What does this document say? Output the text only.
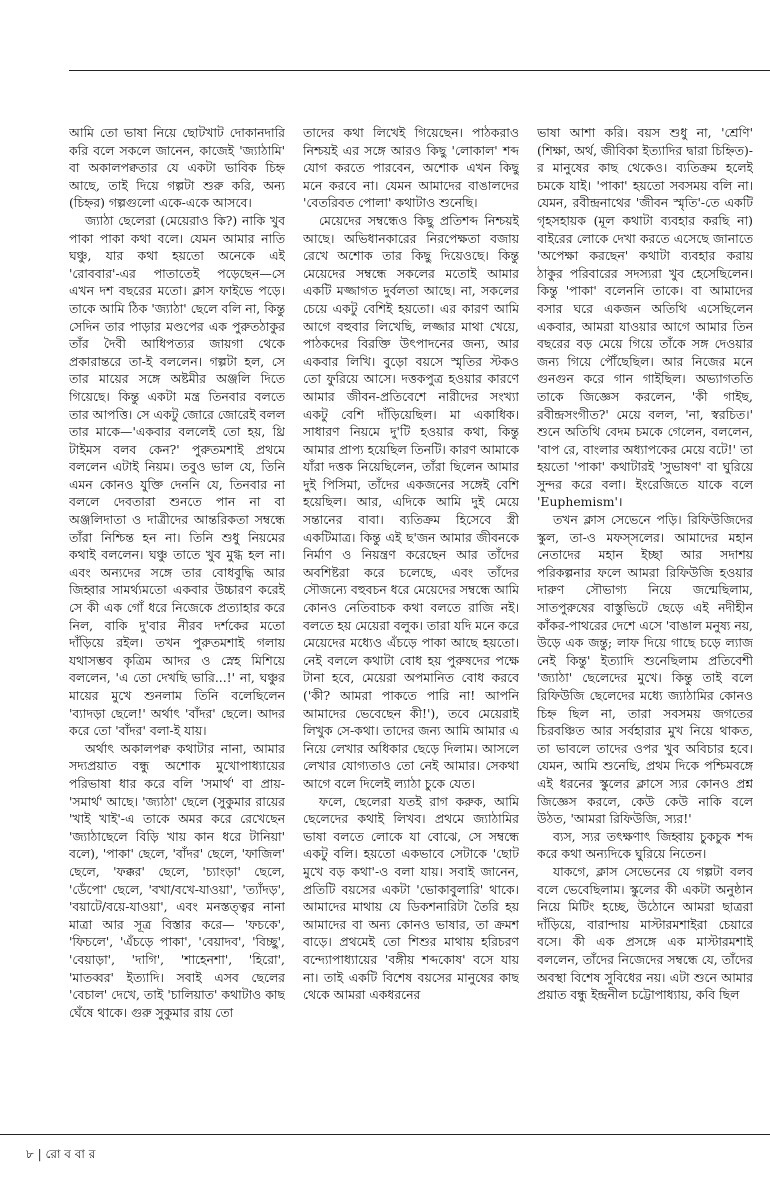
আমি তো ভাষা নিয়ে ছোটখাট দোকানদারি করি বলে সকলে জানেন, কাজেই 'জ্যাঠামি' বা অকালপক্বতার যে একটা ভাবিক চিহ্ন আছে, তাই দিয়ে গল্পটা শুরু করি, অন্য (চিহ্নর) গল্পগুলো একে-একে আসবে।

জ্যাঠা ছেলেরা (মেয়েরাও কি?) নাকি খুব পাকা পাকা কথা বলে। যেমন আমার নাতি ঘঞ্চু, যার কথা হয়তো অনেকে এই 'রোববার'-এর পাতাতেই পড়েছেন—সে এখন দশ বছরের মতো। ক্লাস ফাইভে পড়ে। তাকে আমি ঠিক 'জ্যাঠা' ছেলে বলি না, কিন্তু সেদিন তার পাড়ার মণ্ডপের এক পুরুতঠাকুর তাঁর দৈবী আধিপত্যর জায়গা থেকে প্রকারান্তরে তা-ই বললেন। গল্পটা হল, সে তার মায়ের সঙ্গে অষ্টমীর অঞ্জলি দিতে গিয়েছে। কিন্তু একটা মন্ত্র তিনবার বলতে তার আপত্তি। সে একটু জোরে জোরেই বলল তার মাকে—'একবার বললেই তো হয়, থ্রি টাইমস বলব কেন?' পুরুতমশাই প্রথমে বললেন এটাই নিয়ম। তবুও ভাল যে, তিনি এমন কোনও যুক্তি দেননি যে, তিনবার না বললে দেবতারা শুনতে পান না বা অঞ্জলিদাতা ও দাত্রীদের আন্তরিকতা সম্বন্ধে তাঁরা নিশ্চিন্ত হন না। তিনি শুধু নিয়মের কথাই বললেন। ঘঞ্চু তাতে খুব মুগ্ধ হল না। এবং অন্যদের সঙ্গে তার বোধবুদ্ধি আর জিহ্বার সামর্থ্যমতো একবার উচ্চারণ করেই সে কী এক গোঁ ধরে নিজেকে প্রত্যাহার করে নিল, বাকি দু'বার নীরব দর্শকের মতো দাঁড়িয়ে রইল। তখন পুরুতমশাই গলায় যথাসম্ভব কৃত্রিম আদর ও স্নেহ মিশিয়ে বললেন, 'এ তো দেখছি ভারি...!' না, ঘঞ্চুর মায়ের মুখে শুনলাম তিনি বলেছিলেন 'ব্যাদড়া ছেলে!' অর্থাৎ 'বাঁদর' ছেলে। আদর করে তো 'বাঁদর' বলা-ই যায়।

অর্থাৎ অকালপক্ব কথাটার নানা, আমার সদ্যপ্রয়াত বন্ধু অশোক মুখোপাধ্যায়ের পরিভাষা ধার করে বলি 'সমার্থ' বা প্রায়-'সমার্থ' আছে। 'জ্যাঠা' ছেলে (সুকুমার রায়ের 'খাই খাই'-এ তাকে অমর করে রেখেছেন 'জ্যাঠাছেলে বিড়ি খায় কান ধরে টানিয়া' বলে), 'পাকা' ছেলে, 'বাঁদর' ছেলে, 'ফাজিল' ছেলে, 'ফক্কর' ছেলে, 'চ্যাংড়া' ছেলে, 'ডেঁপো' ছেলে, 'বখা/বখে-যাওয়া', 'ত্যাঁদড়', 'বয়াটে/বয়ে-যাওয়া', এবং মনস্তত্ত্বর নানা মাত্রা আর সূত্র বিস্তার করে— 'ফচকে', 'ফিচলে', 'এঁচড়ে পাকা', 'বেয়াদব', 'বিচ্ছু', 'বেয়াড়া', 'দাগি', 'শাহেনশা', 'হিরো', 'মাতব্বর' ইত্যাদি। সবাই এসব ছেলের 'বেচাল' দেখে, তাই 'চালিয়াত' কথাটাও কাছ ঘেঁষে থাকে। গুরু সুকুমার রায় তো

তাদের কথা লিখেই গিয়েছেন। পাঠকরাও নিশ্চয়ই এর সঙ্গে আরও কিছু 'লোকাল' শব্দ যোগ করতে পারবেন, অশোক এখন কিছু মনে করবে না। যেমন আমাদের বাঙালদের 'বেতরিবত পোলা' কথাটাও শুনেছি।

মেয়েদের সম্বন্ধেও কিছু প্রতিশব্দ নিশ্চয়ই আছে। অভিধানকারের নিরপেক্ষতা বজায় রেখে অশোক তার কিছু দিয়েওছে। কিন্তু মেয়েদের সম্বন্ধে সকলের মতোই আমার একটি মজ্জাগত দুর্বলতা আছে। না, সকলের চেয়ে একটু বেশিই হয়তো। এর কারণ আমি আগে বহুবার লিখেছি, লজ্জার মাথা খেয়ে, পাঠকদের বিরক্তি উৎপাদনের জন্য, আর একবার লিখি। বুড়ো বয়সে স্মৃতির স্টকও তো ফুরিয়ে আসে। দত্তকপুত্র হওয়ার কারণে আমার জীবন-প্রতিবেশে নারীদের সংখ্যা একটু বেশি দাঁড়িয়েছিল। মা একাধিক। সাধারণ নিয়মে দু'টি হওয়ার কথা, কিন্তু আমার প্রাপ্য হয়েছিল তিনটি। কারণ আমাকে যাঁরা দত্তক নিয়েছিলেন, তাঁরা ছিলেন আমার দুই পিসিমা, তাঁদের একজনের সঙ্গেই বেশি হয়েছিল। আর, এদিকে আমি দুই মেয়ে সন্তানের বাবা। ব্যতিক্রম হিসেবে স্ত্রী একটিমাত্র। কিন্তু এই ছ'জন আমার জীবনকে নির্মাণ ও নিয়ন্ত্রণ করেছেন আর তাঁদের অবশিষ্টরা করে চলেছে, এবং তাঁদের সৌজন্যে বহুবচন ধরে মেয়েদের সম্বন্ধে আমি কোনও নেতিবাচক কথা বলতে রাজি নই। বলতে হয় মেয়েরা বলুক। তারা যদি মনে করে মেয়েদের মধ্যেও এঁচড়ে পাকা আছে হয়তো। নেই বললে কথাটা বোধ হয় পুরুষদের পক্ষে টানা হবে, মেয়েরা অপমানিত বোধ করবে ('কী? আমরা পাকতে পারি না! আপনি আমাদের ভেবেছেন কী!'), তবে মেয়েরাই লিখুক সে-কথা। তাদের জন্য আমি আমার এ নিয়ে লেখার অধিকার ছেড়ে দিলাম। আসলে লেখার যোগ্যতাও তো নেই আমার। সেকথা আগে বলে দিলেই ল্যাঠা চুকে যেত।

ফলে, ছেলেরা যতই রাগ করুক, আমি ছেলেদের কথাই লিখব। প্রথমে জ্যাঠামির ভাষা বলতে লোকে যা বোঝে, সে সম্বন্ধে একটু বলি। হয়তো একভাবে সেটাকে 'ছোট মুখে বড় কথা'-ও বলা যায়। সবাই জানেন, প্রতিটি বয়সের একটা 'ভোকাবুলারি' থাকে। আমাদের মাথায় যে ডিকশনারিটা তৈরি হয় আমাদের বা অন্য কোনও ভাষার, তা ক্রমশ বাড়ে। প্রথমেই তো শিশুর মাথায় হরিচরণ বন্দ্যোপাধ্যায়ের 'বঙ্গীয় শব্দকোষ' বসে যায় না। তাই একটি বিশেষ বয়সের মানুষের কাছ থেকে আমরা একধরনের

ভাষা আশা করি। বয়স শুধু না, 'শ্রেণি' (শিক্ষা, অর্থ, জীবিকা ইত্যাদির দ্বারা চিহ্নিত)-র মানুষের কাছ থেকেও। ব্যতিক্রম হলেই চমকে যাই। 'পাকা' হয়তো সবসময় বলি না। যেমন, রবীন্দ্রনাথের 'জীবন স্মৃতি'-তে একটি গৃহসহায়ক (মূল কথাটা ব্যবহার করছি না) বাইরের লোকে দেখা করতে এসেছে জানাতে 'অপেক্ষা করছেন' কথাটা ব্যবহার করায় ঠাকুর পরিবারের সদস্যরা খুব হেসেছিলেন। কিন্তু 'পাকা' বলেননি তাকে। বা আমাদের বসার ঘরে একজন অতিথি এসেছিলেন একবার, আমরা যাওয়ার আগে আমার তিন বছরের বড় মেয়ে গিয়ে তাঁকে সঙ্গ দেওয়ার জন্য গিয়ে পৌঁছেছিল। আর নিজের মনে গুনগুন করে গান গাইছিল। অভ্যাগততি তাকে জিজ্ঞেস করলেন, 'কী গাইছ, রবীন্দ্রসংগীত?' মেয়ে বলল, 'না, স্বরচিত।' শুনে অতিথি বেদম চমকে গেলেন, বললেন, 'বাপ রে, বাংলার অধ্যাপকের মেয়ে বটে!' তা হয়তো 'পাকা' কথাটারই 'সুভাষণ' বা ঘুরিয়ে সুন্দর করে বলা। ইংরেজিতে যাকে বলে 'Euphemism'।

তখন ক্লাস সেভেনে পড়ি। রিফিউজিদের স্কুল, তা-ও মফস্সলের। আমাদের মহান নেতাদের মহান ইচ্ছা আর সদাশয় পরিকল্পনার ফলে আমরা রিফিউজি হওয়ার দারুণ সৌভাগ্য নিয়ে জন্মেছিলাম, সাতপুরুষের বাস্তুভিটে ছেড়ে এই নদীহীন কাঁকর-পাথরের দেশে এসে 'বাঙাল মনুষ্য নয়, উড়ে এক জন্তু; লাফ দিয়ে গাছে চড়ে ল্যাজ নেই কিন্তু' ইত্যাদি শুনেছিলাম প্রতিবেশী 'জ্যাঠা' ছেলেদের মুখে। কিন্তু তাই বলে রিফিউজি ছেলেদের মধ্যে জ্যাঠামির কোনও চিহ্ন ছিল না, তারা সবসময় জগতের চিরবঞ্চিত আর সর্বহারার মুখ নিয়ে থাকত, তা ভাবলে তাদের ওপর খুব অবিচার হবে। যেমন, আমি শুনেছি, প্রথম দিকে পশ্চিমবঙ্গে এই ধরনের স্কুলের ক্লাসে স্যর কোনও প্রশ্ন জিজ্ঞেস করলে, কেউ কেউ নাকি বলে উঠত, 'আমরা রিফিউজি, স্যর!'

ব্যস, স্যর তৎক্ষণাৎ জিহ্বায় চুকচুক শব্দ করে কথা অন্যদিকে ঘুরিয়ে নিতেন।

যাকগে, ক্লাস সেভেনের যে গল্পটা বলব বলে ভেবেছিলাম। স্কুলের কী একটা অনুষ্ঠান নিয়ে মিটিং হচ্ছে, উঠোনে আমরা ছাত্ররা দাঁড়িয়ে, বারান্দায় মাস্টারমশাইরা চেয়ারে বসে। কী এক প্রসঙ্গে এক মাস্টারমশাই বললেন, তাঁদের নিজেদের সম্বন্ধে যে, তাঁদের অবস্থা বিশেষ সুবিধের নয়। এটা শুনে আমার প্রয়াত বন্ধু ইন্দ্রনীল চট্টোপাধ্যায়, কবি ছিল

৮ | রো ব বা র
